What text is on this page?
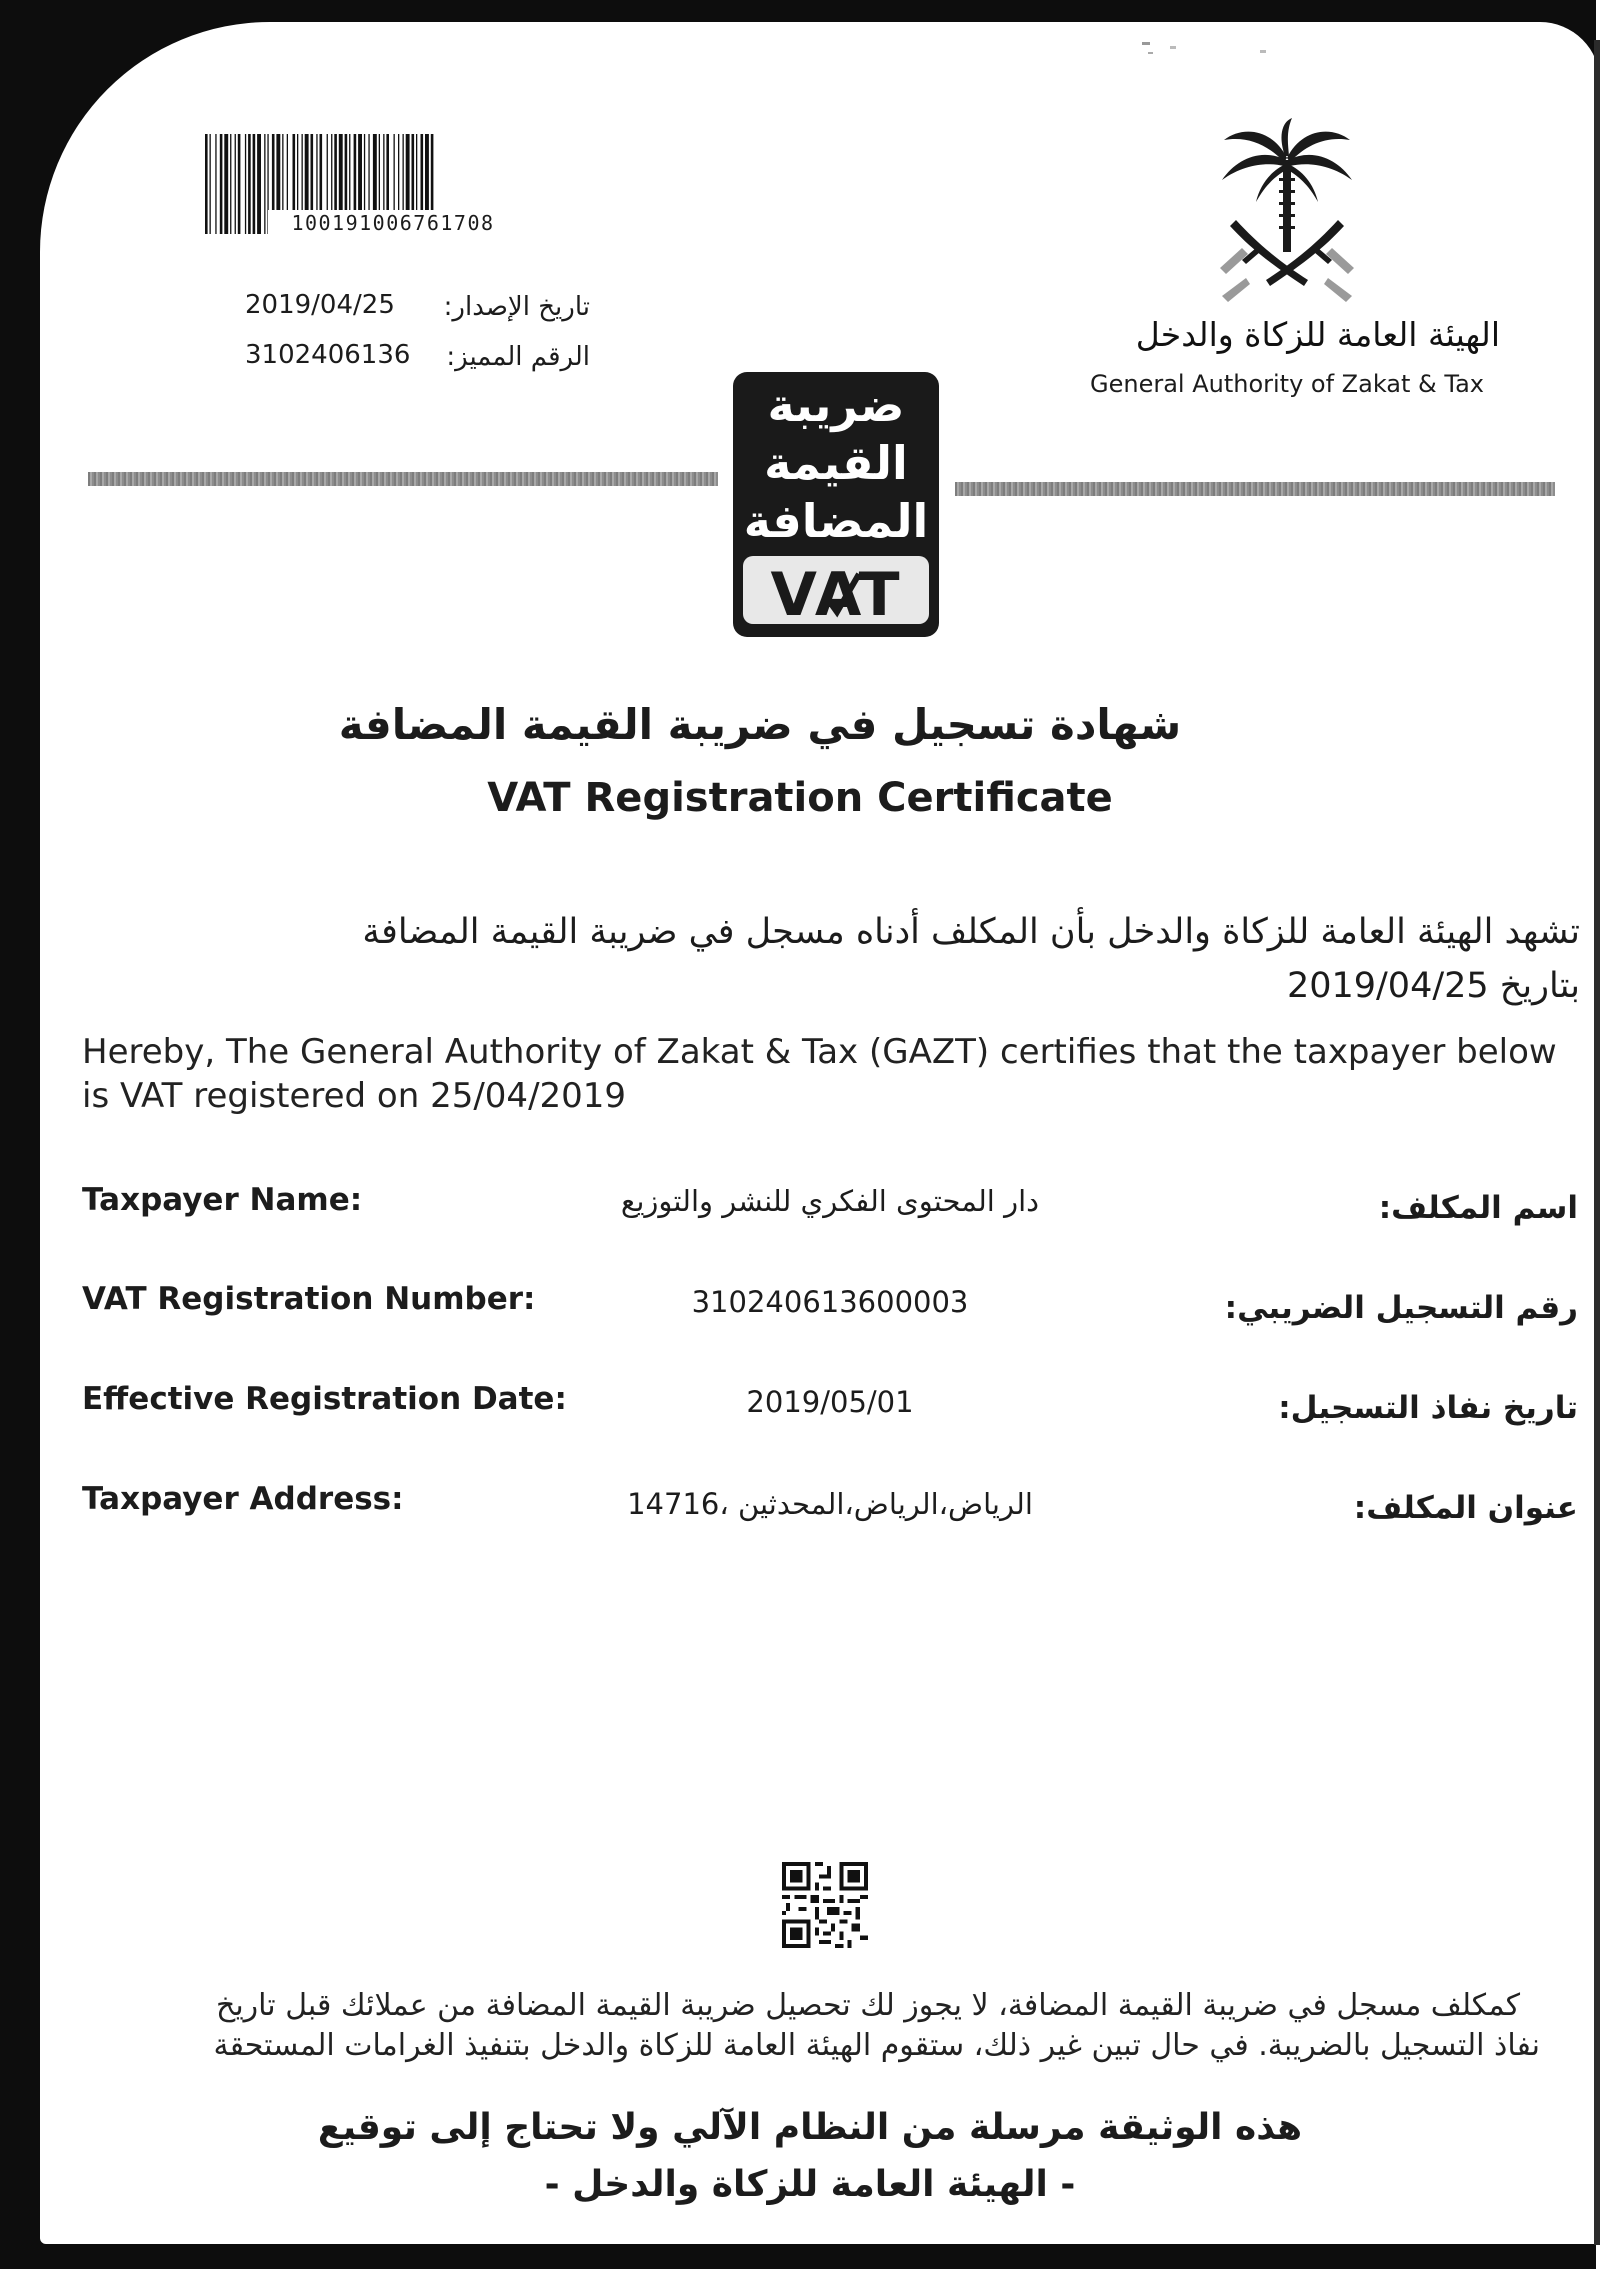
100191006761708
تاريخ الإصدار:
2019/04/25
الرقم المميز:
3102406136
الهيئة العامة للزكاة والدخل
General Authority of Zakat & Tax
ضريبة
القيمة
المضافة
VAT
شهادة تسجيل في ضريبة القيمة المضافة
VAT Registration Certificate
تشهد الهيئة العامة للزكاة والدخل بأن المكلف أدناه مسجل في ضريبة القيمة المضافة
بتاريخ 2019/04/25
Hereby, The General Authority of Zakat & Tax (GAZT) certifies that the taxpayer below is VAT registered on 25/04/2019
Taxpayer Name:	دار المحتوى الفكري للنشر والتوزيع	اسم المكلف:
VAT Registration Number:	310240613600003	رقم التسجيل الضريبي:
Effective Registration Date:	2019/05/01	تاريخ نفاذ التسجيل:
Taxpayer Address:	الرياض،الرياض،المحدثين ،14716	عنوان المكلف:
كمكلف مسجل في ضريبة القيمة المضافة، لا يجوز لك تحصيل ضريبة القيمة المضافة من عملائك قبل تاريخ
نفاذ التسجيل بالضريبة. في حال تبين غير ذلك، ستقوم الهيئة العامة للزكاة والدخل بتنفيذ الغرامات المستحقة
هذه الوثيقة مرسلة من النظام الآلي ولا تحتاج إلى توقيع
- الهيئة العامة للزكاة والدخل -
